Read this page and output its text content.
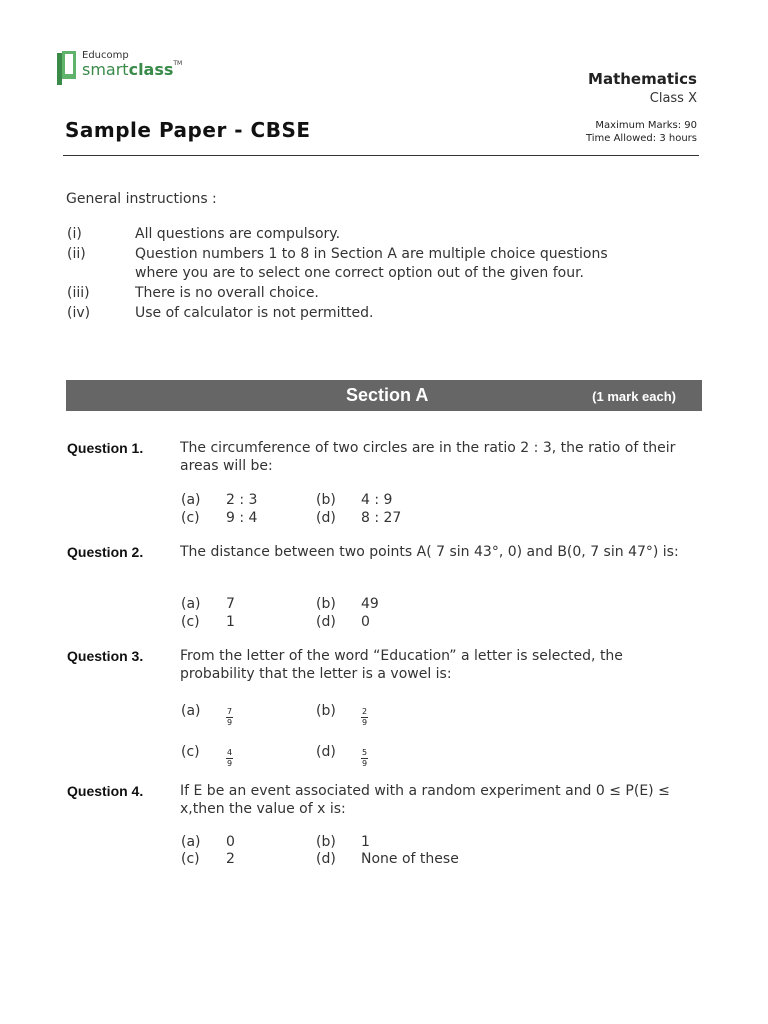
Educomp
smartclass™
Mathematics
Class X
Sample Paper - CBSE	Maximum Marks: 90
Time Allowed: 3 hours
General instructions :
(i)	All questions are compulsory.
(ii)	Question numbers 1 to 8 in Section A are multiple choice questions
where you are to select one correct option out of the given four.
(iii)	There is no overall choice.
(iv)	Use of calculator is not permitted.
Section A	(1 mark each)
Question 1.	The circumference of two circles are in the ratio 2 : 3, the ratio of their areas will be:
(a) 2 : 3	(b) 4 : 9
(c) 9 : 4	(d) 8 : 27
Question 2.	The distance between two points A( 7 sin 43°, 0) and B(0, 7 sin 47°) is:
(a) 7	(b) 49
(c) 1	(d) 0
Question 3.	From the letter of the word “Education” a letter is selected, the probability that the letter is a vowel is:
(a)	$\frac{7}{9}$	(b)	$\frac{2}{9}$
(c)	$\frac{4}{9}$	(d)	$\frac{5}{9}$
Question 4.	If E be an event associated with a random experiment and 0 ≤ P(E) ≤ x,then the value of x is:
(a) 0	(b) 1
(c) 2	(d) None of these
